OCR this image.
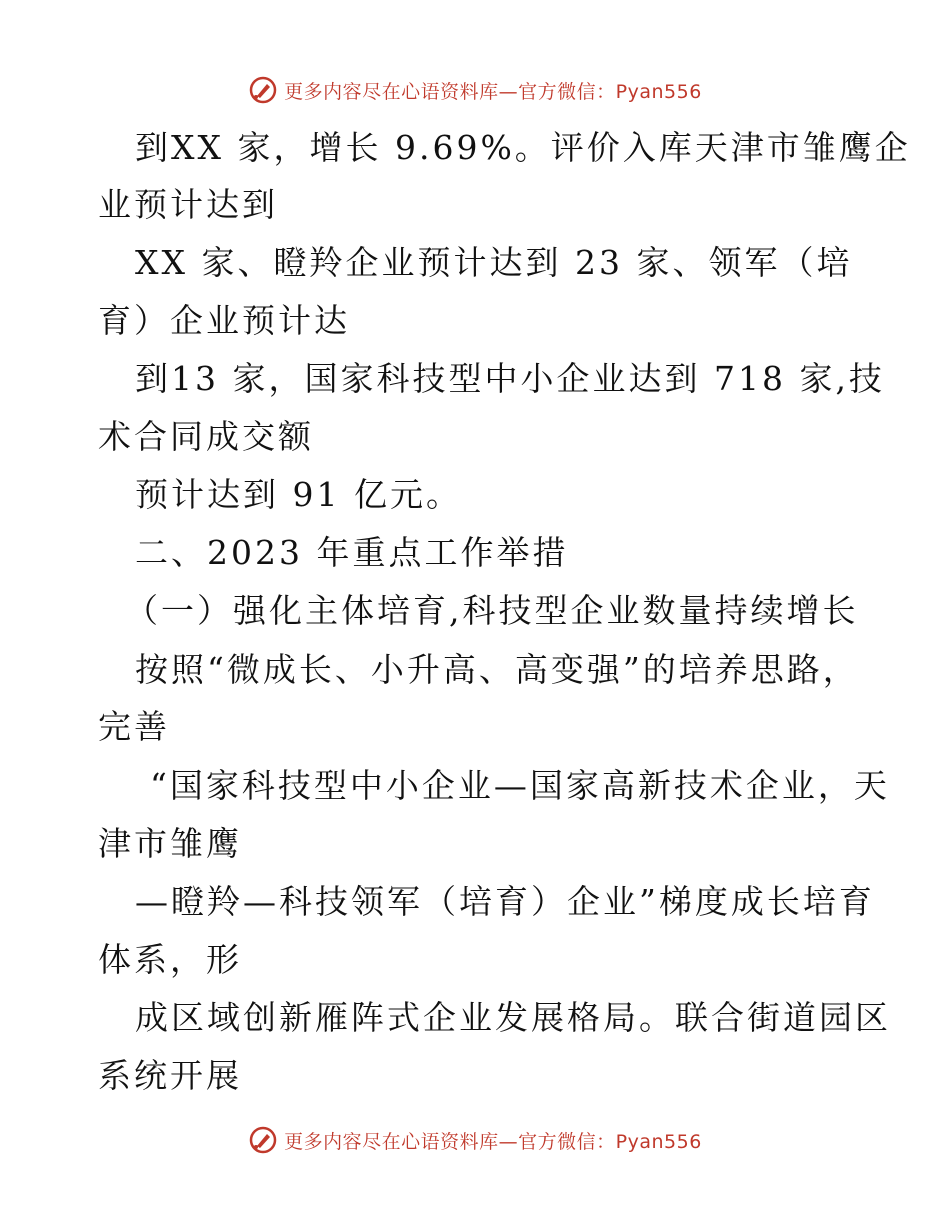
更多内容尽在心语资料库—官方微信：Pyan556
到XX 家，增长 9.69%。评价入库天津市雏鹰企
业预计达到
XX 家、瞪羚企业预计达到 23 家、领军（培
育）企业预计达
到13 家，国家科技型中小企业达到 718 家,技
术合同成交额
预计达到 91 亿元。
二、2023 年重点工作举措
（一）强化主体培育,科技型企业数量持续增长
按照“微成长、小升高、高变强”的培养思路，
完善
“国家科技型中小企业—国家高新技术企业，天
津市雏鹰
—瞪羚—科技领军（培育）企业”梯度成长培育
体系，形
成区域创新雁阵式企业发展格局。联合街道园区
系统开展
更多内容尽在心语资料库—官方微信：Pyan556
